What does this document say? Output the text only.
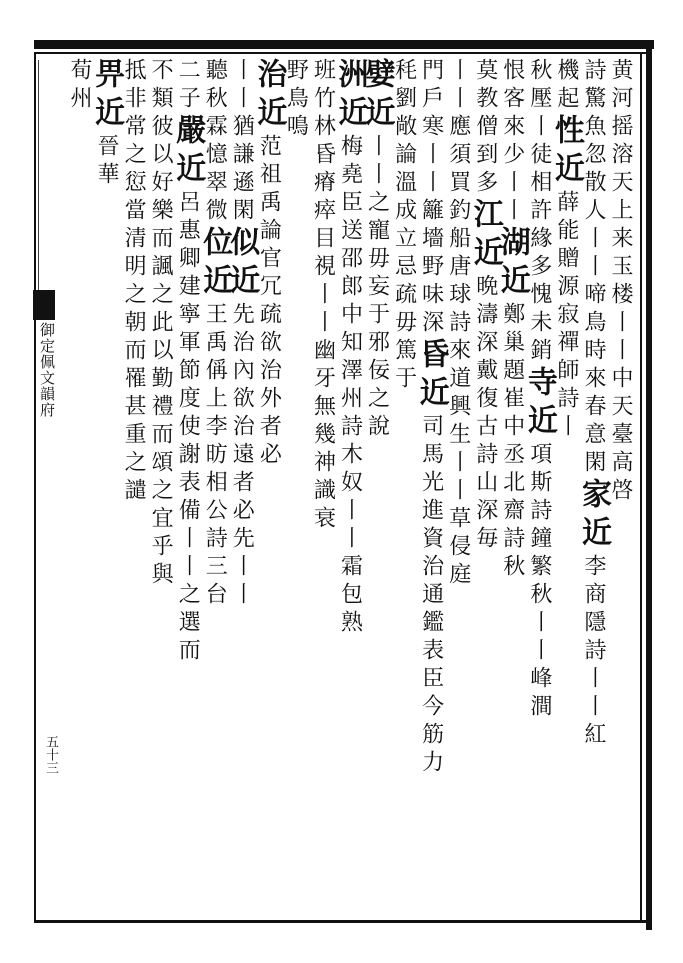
御定佩文韻府
五十三
黄河摇溶天上来玉楼丨丨中天臺高啓
詩驚魚忽散人丨丨啼鳥時來春意閑家近李商隱詩丨丨紅
機起性近薛能贈源寂禪師詩丨
秋壓丨徒相許緣多愧未銷寺近項斯詩鐘繁秋丨丨峰澗
恨客來少丨丨湖近鄭巢題崔中丞北齋詩秋
莫教僧到多江近晩濤深戴復古詩山深毎
丨丨應須買釣船唐球詩來道興生丨丨草侵庭
門戶寒丨丨籬墻野味深昏近司馬光進資治通鑑表臣今筋力
秏劉敞論溫成立忌疏毋篤于
嬖近丨丨之寵毋妄于邪佞之說
洲近梅堯臣送邵郎中知澤州詩木奴丨丨霜包熟
班竹林昏瘠瘁目視丨丨幽牙無幾神識衰
野鳥鳴
治近范祖禹論官冗疏欲治外者必
丨丨猶謙遜閑似近先治內欲治遠者必先丨丨
聽秋霖憶翠微位近王禹偁上李昉相公詩三台
二子嚴近呂惠卿建寧軍節度使謝表備丨丨之選而
不類彼以好樂而諷之此以勤禮而頌之宜乎與
抵非常之愆當清明之朝而罹甚重之譴
畀近晉華
荀州
